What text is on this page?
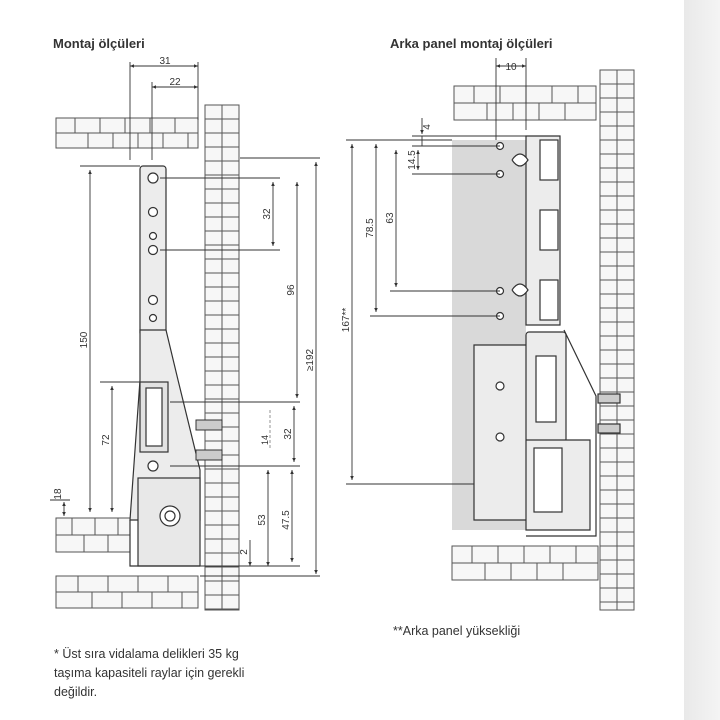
Montaj ölçüleri	Arka panel montaj ölçüleri
31
22
32
96
≥192
150
72	14
32
18
53 47.5
2
10
4
14.5
78.5
63
167**
* Üst sıra vidalama delikleri 35 kg
taşıma kapasiteli raylar için gerekli
değildir.
**Arka panel yüksekliği
